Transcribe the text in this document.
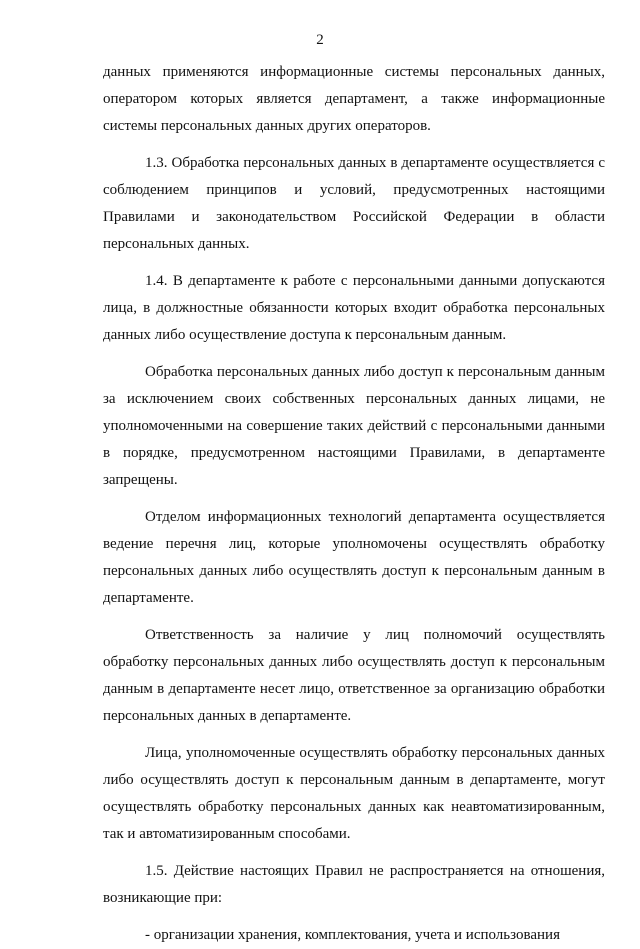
2

данных применяются информационные системы персональных данных, оператором которых является департамент, а также информационные системы персональных данных других операторов.

1.3. Обработка персональных данных в департаменте осуществляется с соблюдением принципов и условий, предусмотренных настоящими Правилами и законодательством Российской Федерации в области персональных данных.

1.4. В департаменте к работе с персональными данными допускаются лица, в должностные обязанности которых входит обработка персональных данных либо осуществление доступа к персональным данным.

Обработка персональных данных либо доступ к персональным данным за исключением своих собственных персональных данных лицами, не уполномоченными на совершение таких действий с персональными данными в порядке, предусмотренном настоящими Правилами, в департаменте запрещены.

Отделом информационных технологий департамента осуществляется ведение перечня лиц, которые уполномочены осуществлять обработку персональных данных либо осуществлять доступ к персональным данным в департаменте.

Ответственность за наличие у лиц полномочий осуществлять обработку персональных данных либо осуществлять доступ к персональным данным в департаменте несет лицо, ответственное за организацию обработки персональных данных в департаменте.

Лица, уполномоченные осуществлять обработку персональных данных либо осуществлять доступ к персональным данным в департаменте, могут осуществлять обработку персональных данных как неавтоматизированным, так и автоматизированным способами.

1.5. Действие настоящих Правил не распространяется на отношения, возникающие при:

- организации хранения, комплектования, учета и использования
